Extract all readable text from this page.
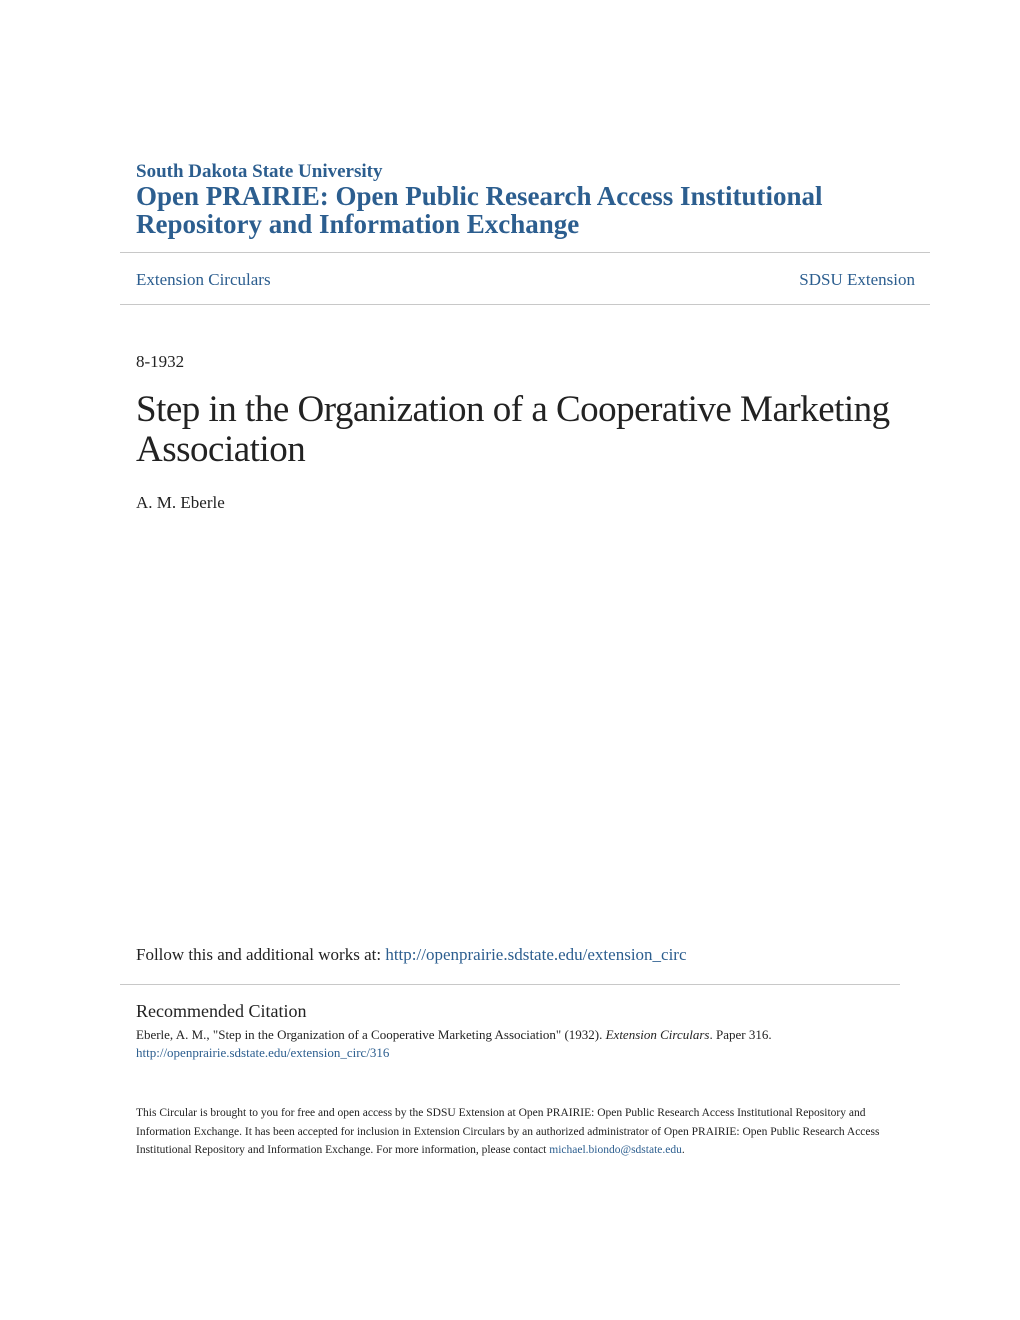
South Dakota State University
Open PRAIRIE: Open Public Research Access Institutional Repository and Information Exchange
Extension Circulars	SDSU Extension
8-1932
Step in the Organization of a Cooperative Marketing Association
A. M. Eberle
Follow this and additional works at: http://openprairie.sdstate.edu/extension_circ
Recommended Citation
Eberle, A. M., "Step in the Organization of a Cooperative Marketing Association" (1932). Extension Circulars. Paper 316.
http://openprairie.sdstate.edu/extension_circ/316
This Circular is brought to you for free and open access by the SDSU Extension at Open PRAIRIE: Open Public Research Access Institutional Repository and Information Exchange. It has been accepted for inclusion in Extension Circulars by an authorized administrator of Open PRAIRIE: Open Public Research Access Institutional Repository and Information Exchange. For more information, please contact michael.biondo@sdstate.edu.
